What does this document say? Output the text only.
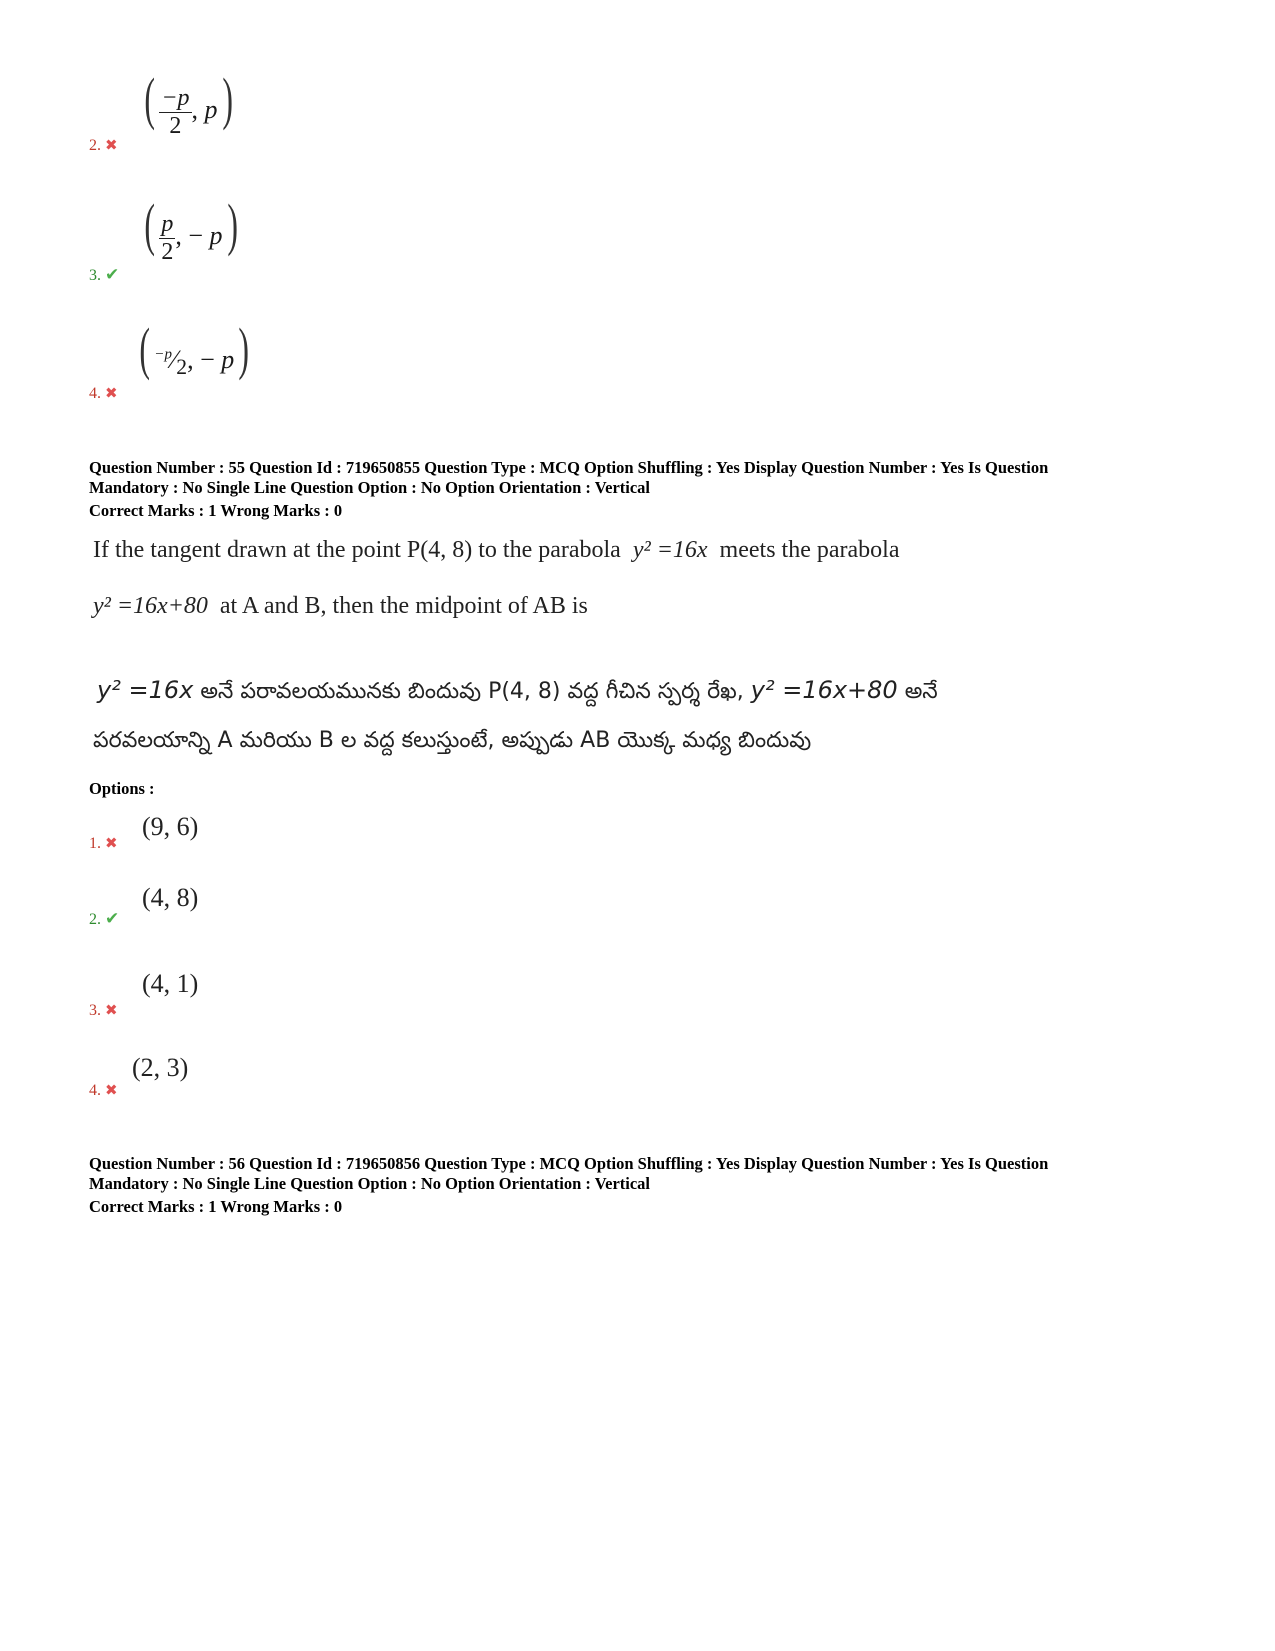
( $\frac{-p}{2}$ , p)
2. ✖
( $\frac{p}{2}$ , − p)
3. ✔
( $^{-p}⁄_2$, − p)
4. ✖
Question Number : 55 Question Id : 719650855 Question Type : MCQ Option Shuffling : Yes Display Question Number : Yes Is Question
Mandatory : No Single Line Question Option : No Option Orientation : Vertical
Correct Marks : 1 Wrong Marks : 0
If the tangent drawn at the point P(4, 8) to the parabola y² =16x meets the parabola
y² =16x+80 at A and B, then the midpoint of AB is
y² =16x అనే పరావలయమునకు బిందువు P(4, 8) వద్ద గీచిన స్పర్శ రేఖ, y² =16x+80 అనే
పరవలయాన్ని A మరియు B ల వద్ద కలుస్తుంటే, అప్పుడు AB యొక్క మధ్య బిందువు
Options :
(9, 6)
1. ✖
(4, 8)
2. ✔
(4, 1)
3. ✖
(2, 3)
4. ✖
Question Number : 56 Question Id : 719650856 Question Type : MCQ Option Shuffling : Yes Display Question Number : Yes Is Question
Mandatory : No Single Line Question Option : No Option Orientation : Vertical
Correct Marks : 1 Wrong Marks : 0
